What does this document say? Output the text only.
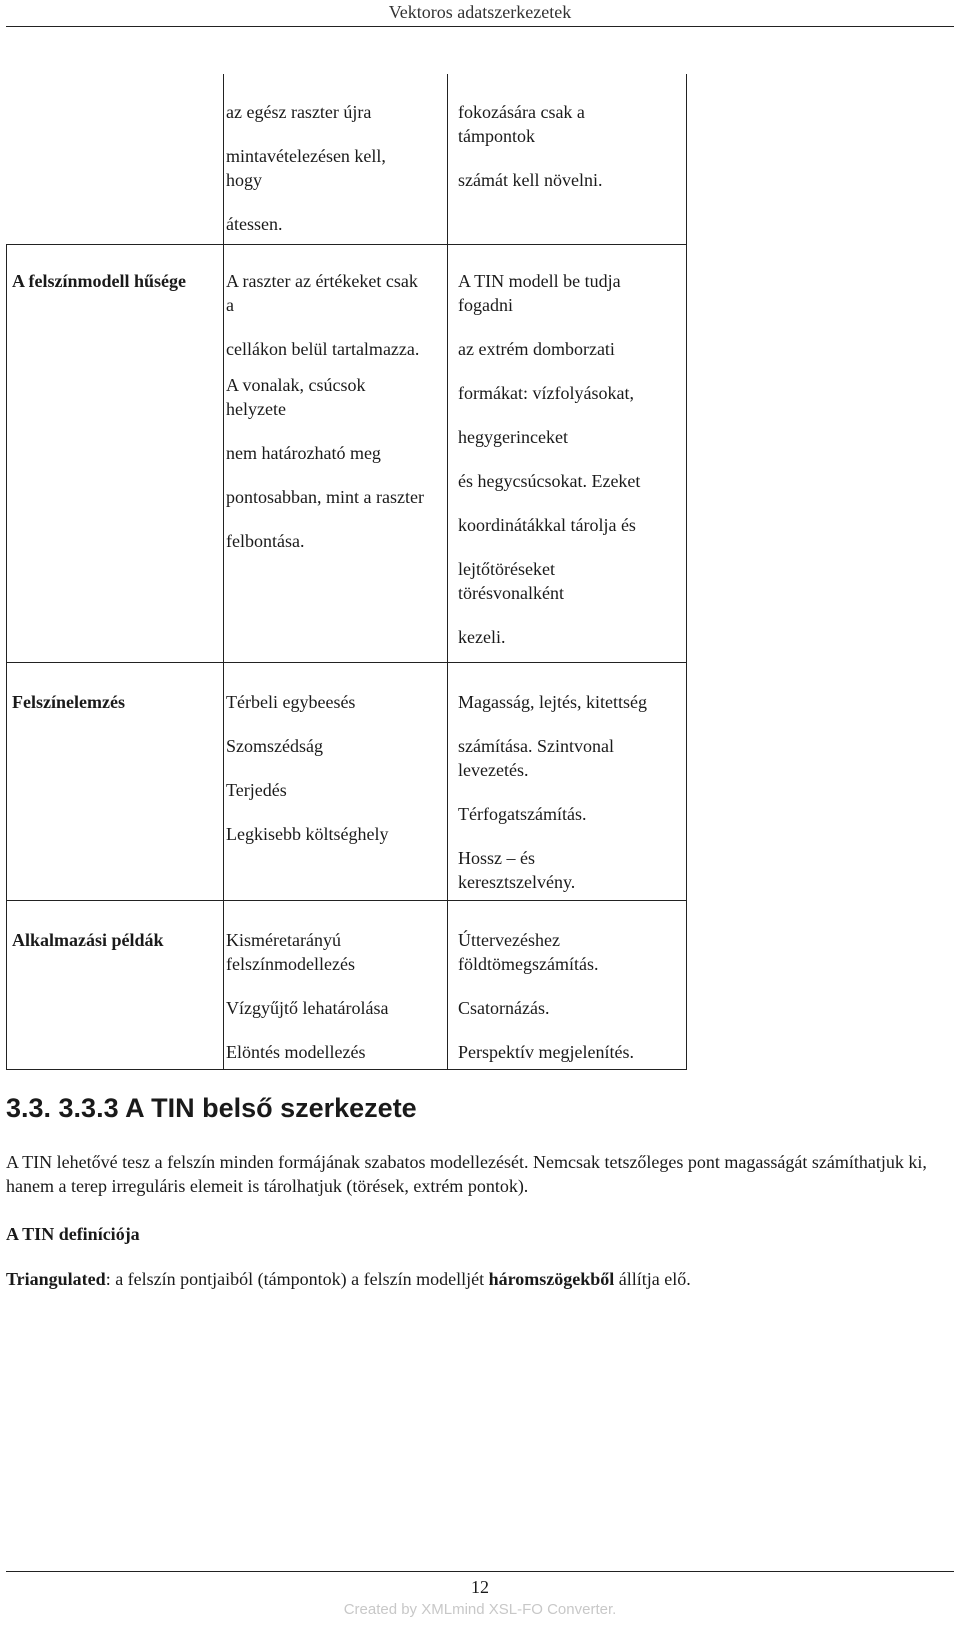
Vektoros adatszerkezetek

az egész raszter újra

mintavételezésen kell, hogy

átessen.

fokozására csak a támpontok

számát kell növelni.

A felszínmodell hűsége A raszter az értékeket csak a

cellákon belül tartalmazza.

A vonalak, csúcsok helyzete

nem határozható meg

pontosabban, mint a raszter

felbontása.

A TIN modell be tudja fogadni

az extrém domborzati

formákat: vízfolyásokat,

hegygerinceket

és hegycsúcsokat. Ezeket

koordinátákkal tárolja és

lejtőtöréseket törésvonalként

kezeli.

Felszínelemzés	Térbeli egybeesés

Szomszédság

Terjedés

Legkisebb költséghely

Magasság, lejtés, kitettség

számítása. Szintvonal levezetés.

Térfogatszámítás.

Hossz – és keresztszelvény.

Alkalmazási példák	Kisméretarányú felszínmodellezés

Vízgyűjtő lehatárolása

Elöntés modellezés

Úttervezéshez földtömegszámítás.

Csatornázás.

Perspektív megjelenítés.

3.3. 3.3.3 A TIN belső szerkezete

A TIN lehetővé tesz a felszín minden formájának szabatos modellezését. Nemcsak tetszőleges pont magasságát számíthatjuk ki, hanem a terep irreguláris elemeit is tárolhatjuk (törések, extrém pontok).

A TIN definíciója

Triangulated: a felszín pontjaiból (támpontok) a felszín modelljét háromszögekből állítja elő.

12
Created by XMLmind XSL-FO Converter.
